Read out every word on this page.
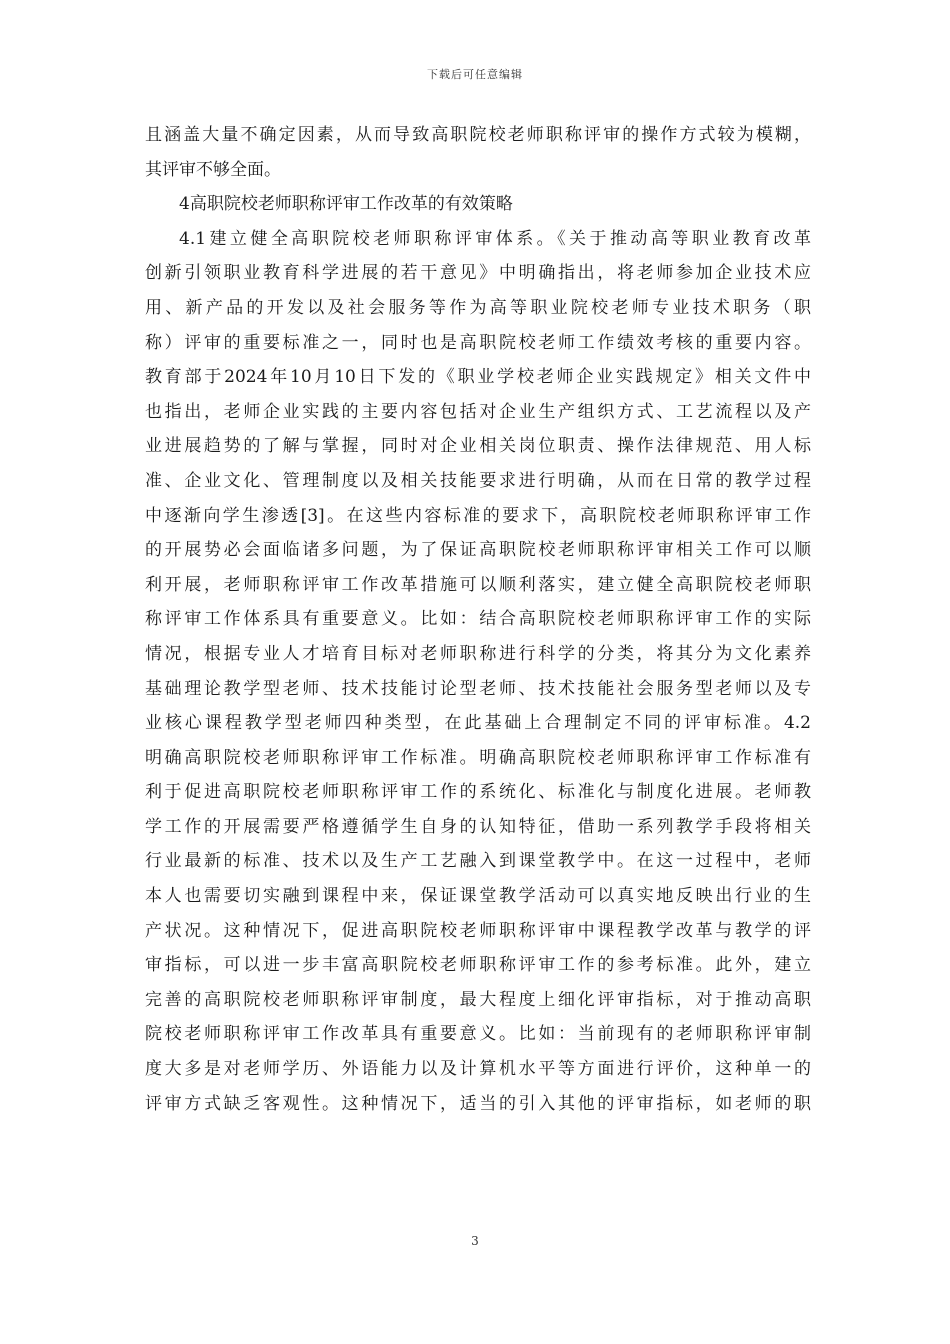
下载后可任意编辑
且涵盖大量不确定因素，从而导致高职院校老师职称评审的操作方式较为模糊，
其评审不够全面。
4高职院校老师职称评审工作改革的有效策略
4.1建立健全高职院校老师职称评审体系。《关于推动高等职业教育改革
创新引领职业教育科学进展的若干意见》中明确指出，将老师参加企业技术应
用、新产品的开发以及社会服务等作为高等职业院校老师专业技术职务（职
称）评审的重要标准之一，同时也是高职院校老师工作绩效考核的重要内容。
教育部于2024年10月10日下发的《职业学校老师企业实践规定》相关文件中
也指出，老师企业实践的主要内容包括对企业生产组织方式、工艺流程以及产
业进展趋势的了解与掌握，同时对企业相关岗位职责、操作法律规范、用人标
准、企业文化、管理制度以及相关技能要求进行明确，从而在日常的教学过程
中逐渐向学生渗透[3]。在这些内容标准的要求下，高职院校老师职称评审工作
的开展势必会面临诸多问题，为了保证高职院校老师职称评审相关工作可以顺
利开展，老师职称评审工作改革措施可以顺利落实，建立健全高职院校老师职
称评审工作体系具有重要意义。比如：结合高职院校老师职称评审工作的实际
情况，根据专业人才培育目标对老师职称进行科学的分类，将其分为文化素养
基础理论教学型老师、技术技能讨论型老师、技术技能社会服务型老师以及专
业核心课程教学型老师四种类型，在此基础上合理制定不同的评审标准。4.2
明确高职院校老师职称评审工作标准。明确高职院校老师职称评审工作标准有
利于促进高职院校老师职称评审工作的系统化、标准化与制度化进展。老师教
学工作的开展需要严格遵循学生自身的认知特征，借助一系列教学手段将相关
行业最新的标准、技术以及生产工艺融入到课堂教学中。在这一过程中，老师
本人也需要切实融到课程中来，保证课堂教学活动可以真实地反映出行业的生
产状况。这种情况下，促进高职院校老师职称评审中课程教学改革与教学的评
审指标，可以进一步丰富高职院校老师职称评审工作的参考标准。此外，建立
完善的高职院校老师职称评审制度，最大程度上细化评审指标，对于推动高职
院校老师职称评审工作改革具有重要意义。比如：当前现有的老师职称评审制
度大多是对老师学历、外语能力以及计算机水平等方面进行评价，这种单一的
评审方式缺乏客观性。这种情况下，适当的引入其他的评审指标，如老师的职
3
